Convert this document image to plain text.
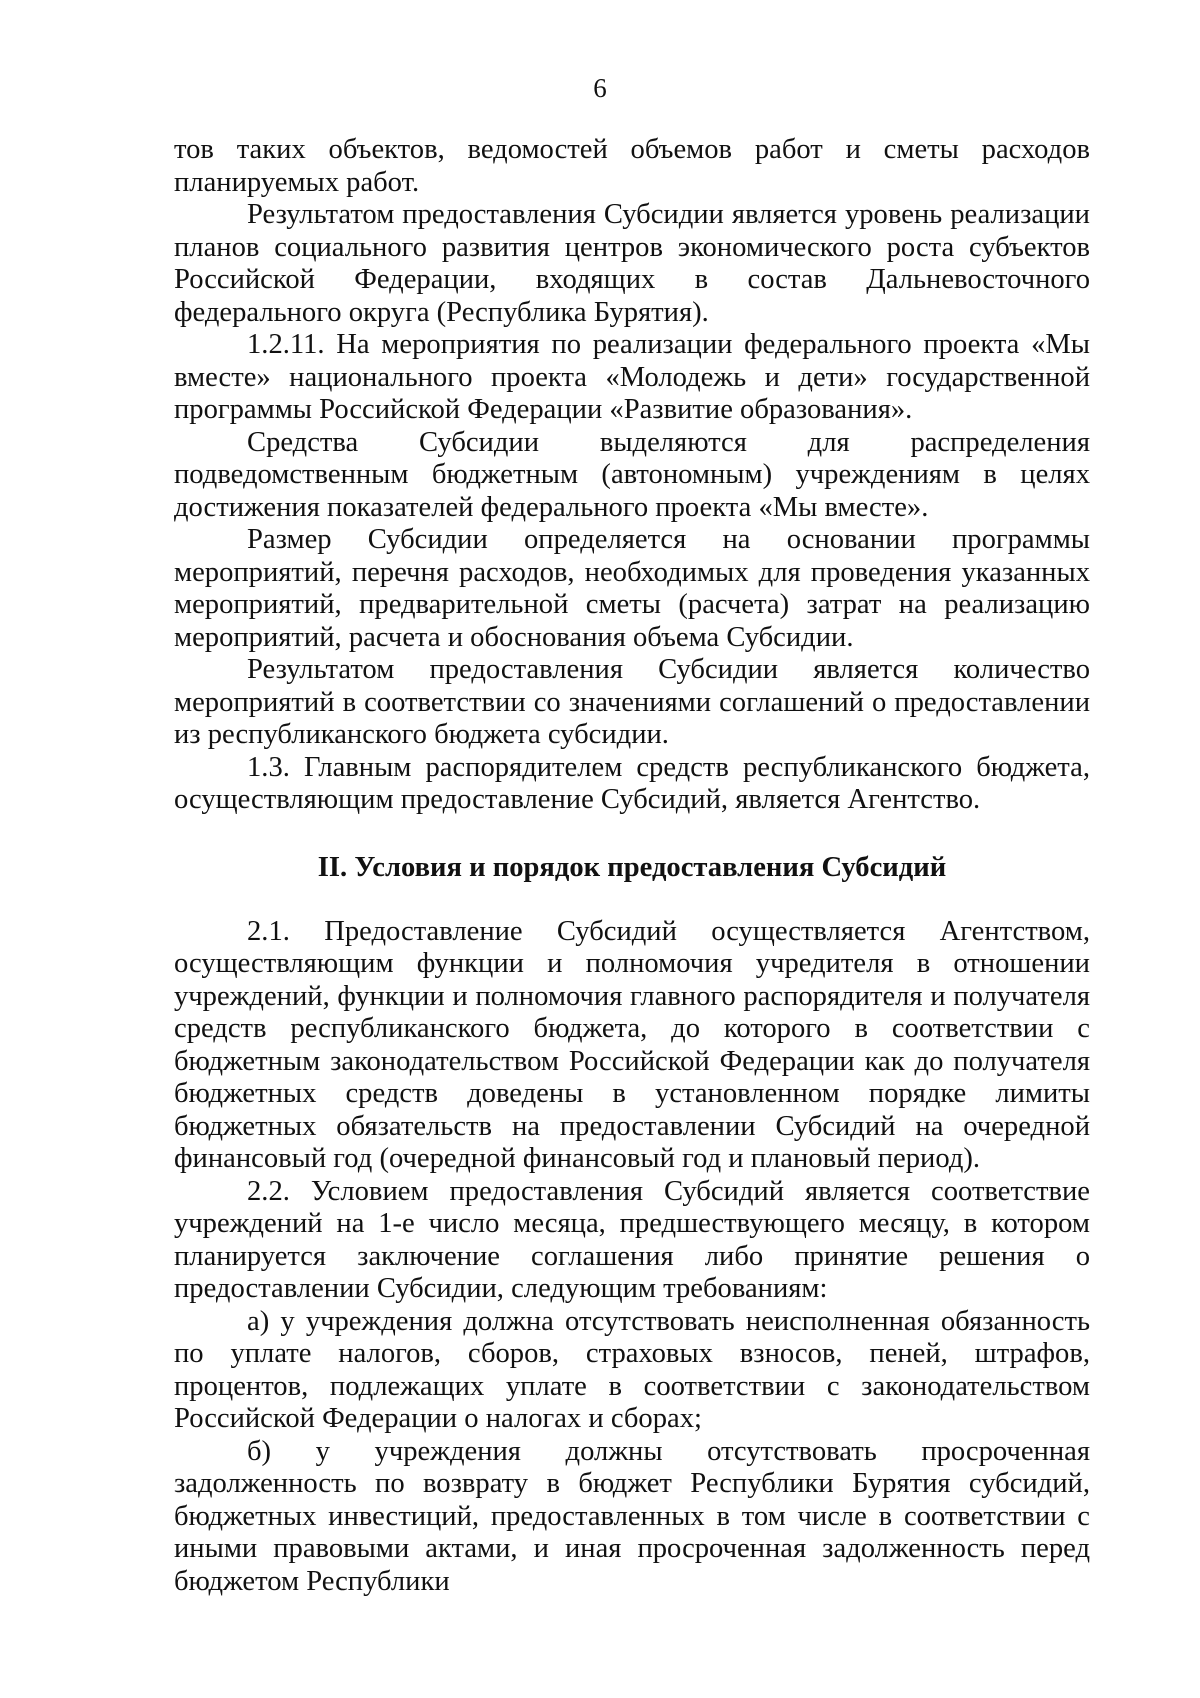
6

тов таких объектов, ведомостей объемов работ и сметы расходов планируемых работ.

Результатом предоставления Субсидии является уровень реализации планов социального развития центров экономического роста субъектов Российской Федерации, входящих в состав Дальневосточного федерального округа (Республика Бурятия).

1.2.11. На мероприятия по реализации федерального проекта «Мы вместе» национального проекта «Молодежь и дети» государственной программы Российской Федерации «Развитие образования».

Средства Субсидии выделяются для распределения подведомственным бюджетным (автономным) учреждениям в целях достижения показателей федерального проекта «Мы вместе».

Размер Субсидии определяется на основании программы мероприятий, перечня расходов, необходимых для проведения указанных мероприятий, предварительной сметы (расчета) затрат на реализацию мероприятий, расчета и обоснования объема Субсидии.

Результатом предоставления Субсидии является количество мероприятий в соответствии со значениями соглашений о предоставлении из республиканского бюджета субсидии.

1.3. Главным распорядителем средств республиканского бюджета, осуществляющим предоставление Субсидий, является Агентство.

II. Условия и порядок предоставления Субсидий

2.1. Предоставление Субсидий осуществляется Агентством, осуществляющим функции и полномочия учредителя в отношении учреждений, функции и полномочия главного распорядителя и получателя средств республиканского бюджета, до которого в соответствии с бюджетным законодательством Российской Федерации как до получателя бюджетных средств доведены в установленном порядке лимиты бюджетных обязательств на предоставлении Субсидий на очередной финансовый год (очередной финансовый год и плановый период).

2.2. Условием предоставления Субсидий является соответствие учреждений на 1-е число месяца, предшествующего месяцу, в котором планируется заключение соглашения либо принятие решения о предоставлении Субсидии, следующим требованиям:

а) у учреждения должна отсутствовать неисполненная обязанность по уплате налогов, сборов, страховых взносов, пеней, штрафов, процентов, подлежащих уплате в соответствии с законодательством Российской Федерации о налогах и сборах;

б) у учреждения должны отсутствовать просроченная задолженность по возврату в бюджет Республики Бурятия субсидий, бюджетных инвестиций, предоставленных в том числе в соответствии с иными правовыми актами, и иная просроченная задолженность перед бюджетом Республики
